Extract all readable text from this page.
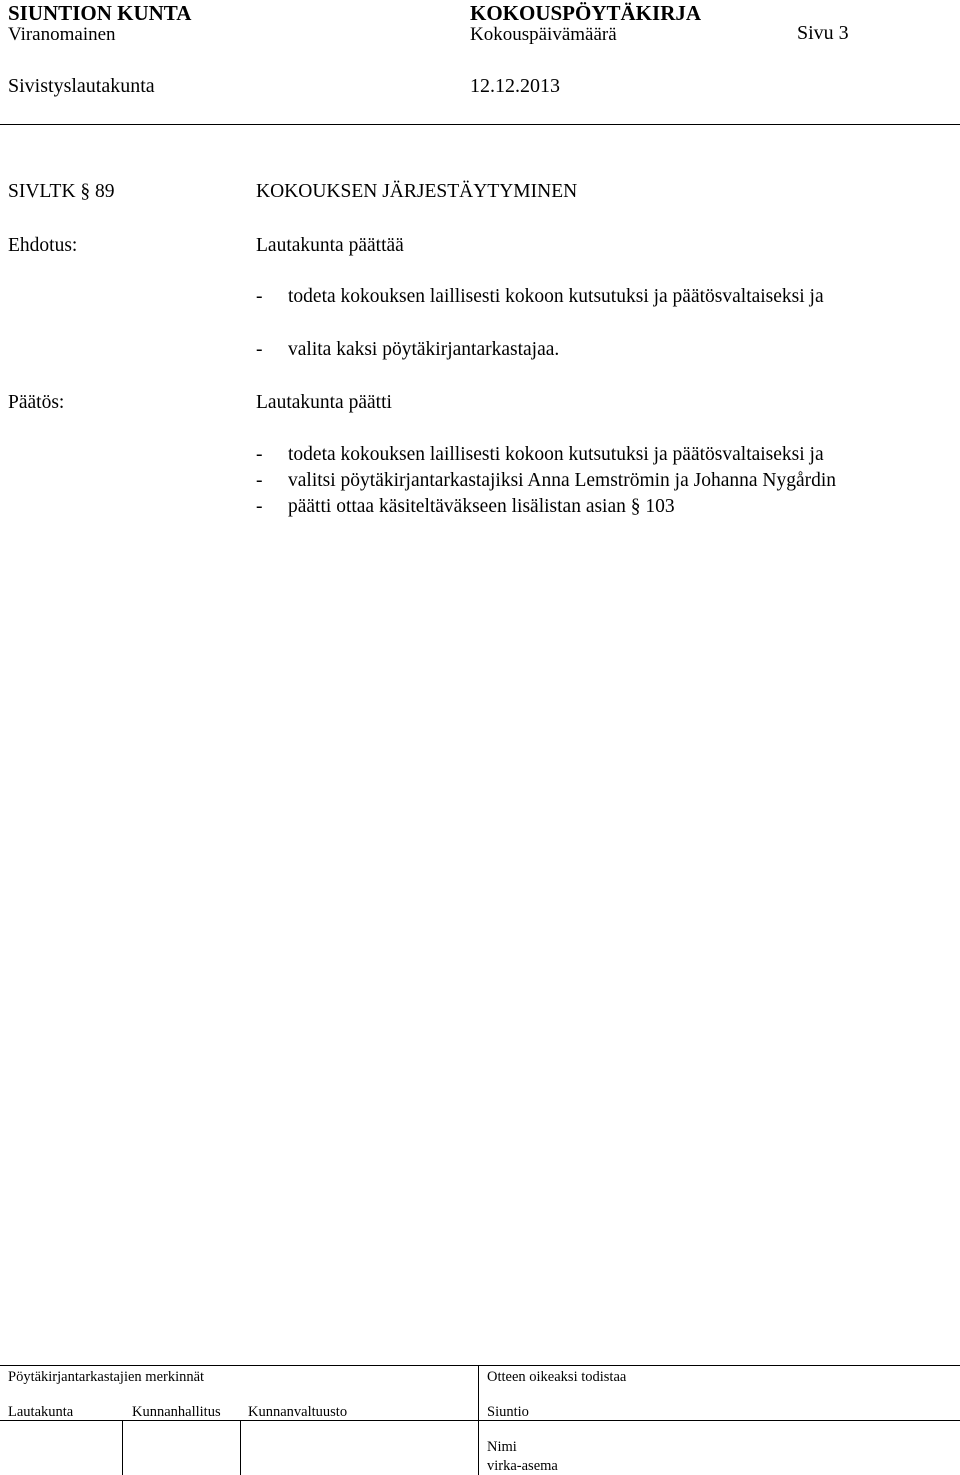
SIUNTION KUNTA	KOKOUSPÖYTÄKIRJA
Viranomainen	Kokouspäivämäärä	Sivu 3
Sivistyslautakunta	12.12.2013
SIVLTK § 89	KOKOUKSEN JÄRJESTÄYTYMINEN
Ehdotus:	Lautakunta päättää
- todeta kokouksen laillisesti kokoon kutsutuksi ja päätösvaltaiseksi ja
- valita kaksi pöytäkirjantarkastajaa.
Päätös:	Lautakunta päätti
- todeta kokouksen laillisesti kokoon kutsutuksi ja päätösvaltaiseksi ja
- valitsi pöytäkirjantarkastajiksi Anna Lemströmin ja Johanna Nygårdin
- päätti ottaa käsiteltäväkseen lisälistan asian § 103
Pöytäkirjantarkastajien merkinnät
Lautakunta	Kunnanhallitus Kunnanvaltuusto
Otteen oikeaksi todistaa
Siuntio
Nimi
virka-asema
